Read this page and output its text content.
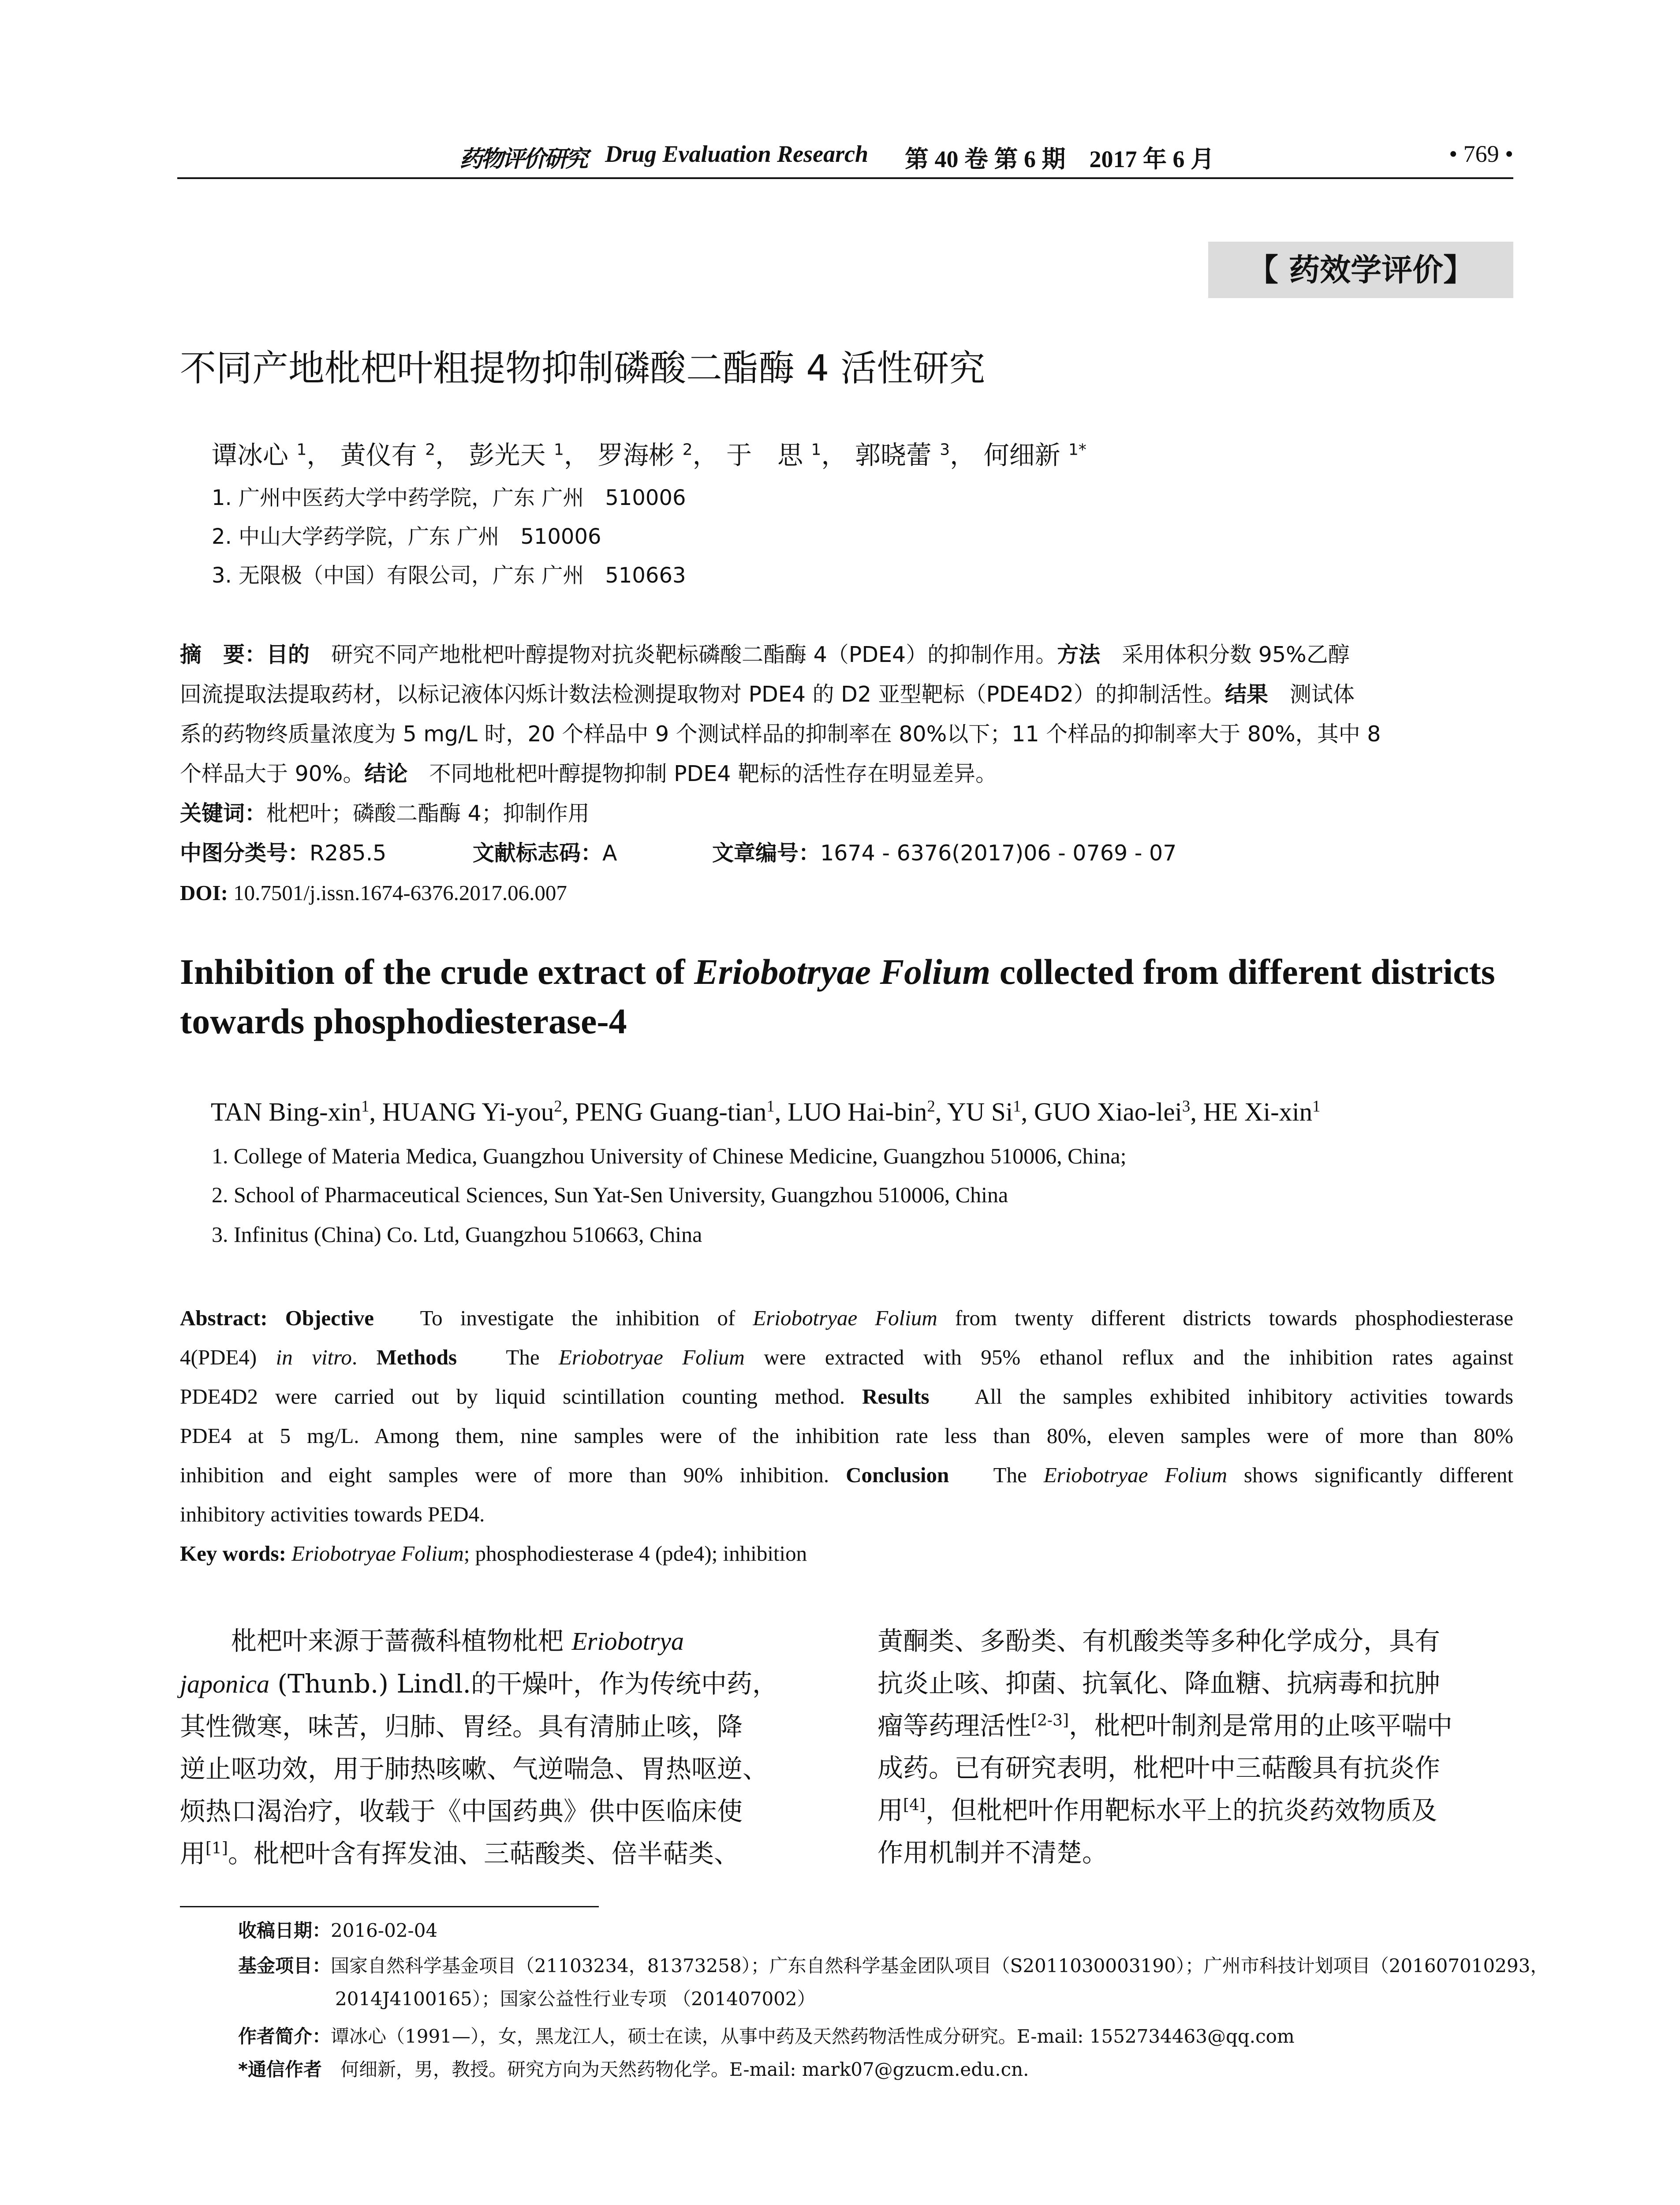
药物评价研究 Drug Evaluation Research 第 40 卷 第 6 期　2017 年 6 月	• 769 •
【 药效学评价】
不同产地枇杷叶粗提物抑制磷酸二酯酶 4 活性研究
谭冰心 $^1$， 黄仪有 $^2$， 彭光天 $^1$， 罗海彬 $^2$， 于　思 $^1$， 郭晓蕾 $^3$， 何细新 $^{1*}$
1. 广州中医药大学中药学院，广东 广州　510006
2. 中山大学药学院，广东 广州　510006
3. 无限极（中国）有限公司，广东 广州　510663
摘　要：目的　研究不同产地枇杷叶醇提物对抗炎靶标磷酸二酯酶 4（PDE4）的抑制作用。方法　采用体积分数 95%乙醇
回流提取法提取药材，以标记液体闪烁计数法检测提取物对 PDE4 的 D2 亚型靶标（PDE4D2）的抑制活性。结果　测试体
系的药物终质量浓度为 5 mg/L 时，20 个样品中 9 个测试样品的抑制率在 80%以下；11 个样品的抑制率大于 80%，其中 8
个样品大于 90%。结论　不同地枇杷叶醇提物抑制 PDE4 靶标的活性存在明显差异。
关键词：枇杷叶；磷酸二酯酶 4；抑制作用
中图分类号：R285.5	文献标志码：A	文章编号：1674 - 6376(2017)06 - 0769 - 07
DOI: 10.7501/j.issn.1674-6376.2017.06.007
Inhibition of the crude extract of Eriobotryae Folium collected from different districts towards phosphodiesterase-4
TAN Bing-xin$^1$, HUANG Yi-you$^2$, PENG Guang-tian$^1$, LUO Hai-bin$^2$, YU Si$^1$, GUO Xiao-lei$^3$, HE Xi-xin$^1$
1. College of Materia Medica, Guangzhou University of Chinese Medicine, Guangzhou 510006, China;
2. School of Pharmaceutical Sciences, Sun Yat-Sen University, Guangzhou 510006, China
3. Infinitus (China) Co. Ltd, Guangzhou 510663, China
Abstract: Objective　To investigate the inhibition of Eriobotryae Folium from twenty different districts towards phosphodiesterase
4(PDE4) in vitro. Methods　The Eriobotryae Folium were extracted with 95% ethanol reflux and the inhibition rates against
PDE4D2 were carried out by liquid scintillation counting method. Results　All the samples exhibited inhibitory activities towards
PDE4 at 5 mg/L. Among them, nine samples were of the inhibition rate less than 80%, eleven samples were of more than 80%
inhibition and eight samples were of more than 90% inhibition. Conclusion　The Eriobotryae Folium shows significantly different
inhibitory activities towards PED4.
Key words: Eriobotryae Folium; phosphodiesterase 4 (pde4); inhibition
　　枇杷叶来源于蔷薇科植物枇杷 Eriobotrya
japonica (Thunb.) Lindl.的干燥叶，作为传统中药，
其性微寒，味苦，归肺、胃经。具有清肺止咳，降
逆止呕功效，用于肺热咳嗽、气逆喘急、胃热呕逆、
烦热口渴治疗，收载于《中国药典》供中医临床使
用[1]。枇杷叶含有挥发油、三萜酸类、倍半萜类、
黄酮类、多酚类、有机酸类等多种化学成分，具有
抗炎止咳、抑菌、抗氧化、降血糖、抗病毒和抗肿
瘤等药理活性[2-3]，枇杷叶制剂是常用的止咳平喘中
成药。已有研究表明，枇杷叶中三萜酸具有抗炎作
用[4]，但枇杷叶作用靶标水平上的抗炎药效物质及
作用机制并不清楚。
收稿日期：2016-02-04
基金项目：国家自然科学基金项目（21103234，81373258）；广东自然科学基金团队项目（S2011030003190）；广州市科技计划项目（201607010293，
2014J4100165）；国家公益性行业专项 （201407002）
作者简介：谭冰心（1991—），女，黑龙江人，硕士在读，从事中药及天然药物活性成分研究。E-mail: 1552734463@qq.com
*通信作者　何细新，男，教授。研究方向为天然药物化学。E-mail: mark07@gzucm.edu.cn.
